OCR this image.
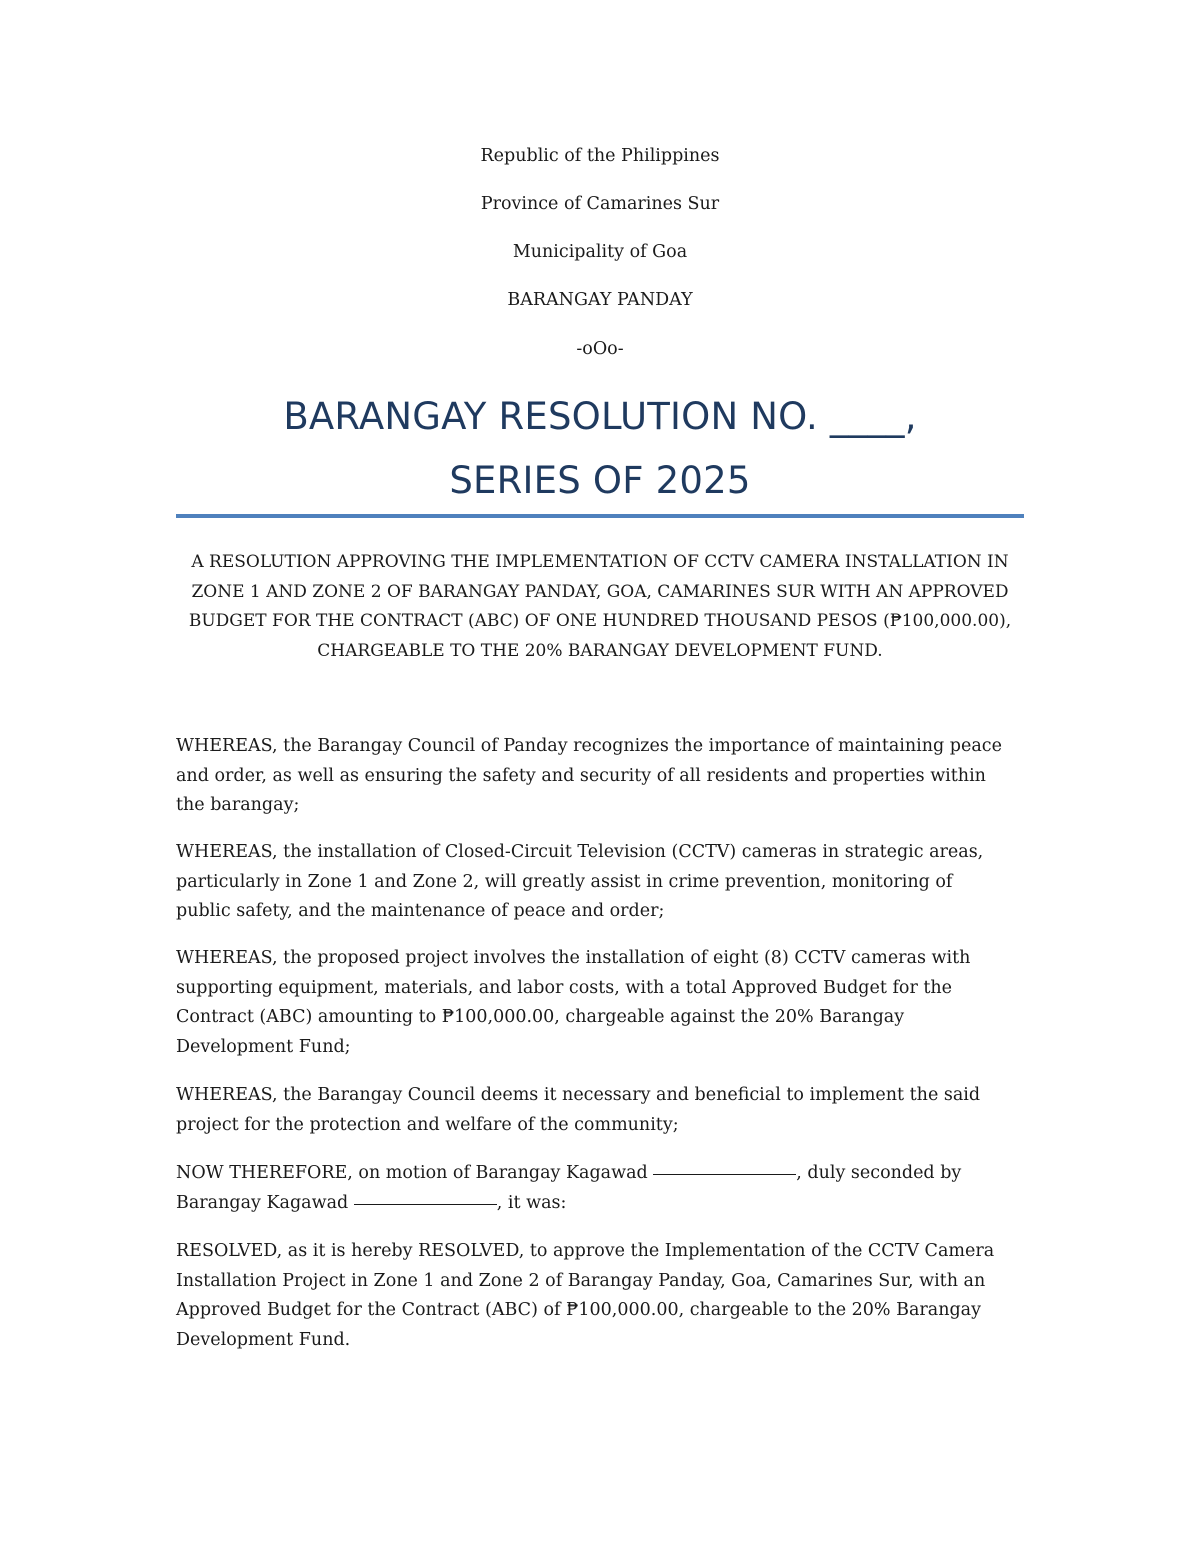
Republic of the Philippines

Province of Camarines Sur

Municipality of Goa

BARANGAY PANDAY

-oOo-

BARANGAY RESOLUTION NO. ____,

SERIES OF 2025

A RESOLUTION APPROVING THE IMPLEMENTATION OF CCTV CAMERA INSTALLATION IN
ZONE 1 AND ZONE 2 OF BARANGAY PANDAY, GOA, CAMARINES SUR WITH AN APPROVED
BUDGET FOR THE CONTRACT (ABC) OF ONE HUNDRED THOUSAND PESOS (₱100,000.00),
CHARGEABLE TO THE 20% BARANGAY DEVELOPMENT FUND.
WHEREAS, the Barangay Council of Panday recognizes the importance of maintaining peace
and order, as well as ensuring the safety and security of all residents and properties within
the barangay;
WHEREAS, the installation of Closed-Circuit Television (CCTV) cameras in strategic areas,
particularly in Zone 1 and Zone 2, will greatly assist in crime prevention, monitoring of
public safety, and the maintenance of peace and order;
WHEREAS, the proposed project involves the installation of eight (8) CCTV cameras with
supporting equipment, materials, and labor costs, with a total Approved Budget for the
Contract (ABC) amounting to ₱100,000.00, chargeable against the 20% Barangay
Development Fund;
WHEREAS, the Barangay Council deems it necessary and beneficial to implement the said
project for the protection and welfare of the community;
NOW THEREFORE, on motion of Barangay Kagawad	, duly seconded by
Barangay Kagawad	, it was:
RESOLVED, as it is hereby RESOLVED, to approve the Implementation of the CCTV Camera
Installation Project in Zone 1 and Zone 2 of Barangay Panday, Goa, Camarines Sur, with an
Approved Budget for the Contract (ABC) of ₱100,000.00, chargeable to the 20% Barangay
Development Fund.
